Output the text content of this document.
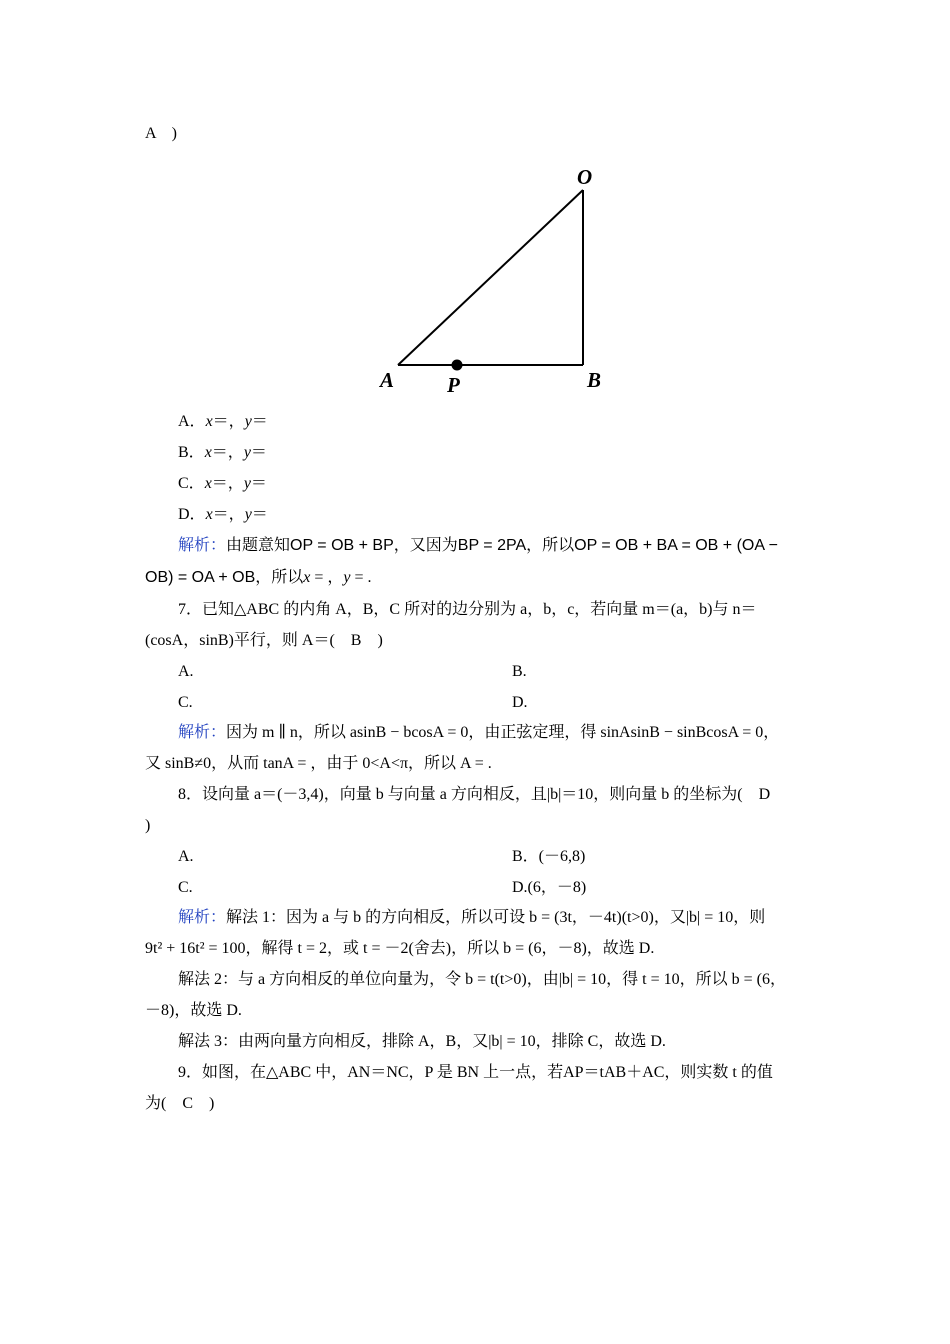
A　)
O
A	P	B
A．x＝，y＝
B．x＝，y＝
C．x＝，y＝
D．x＝，y＝
解析：由题意知OP = OB + BP，又因为BP = 2PA，所以OP = OB + BA = OB + (OA −
OB) = OA + OB，所以x = ，y = .
7．已知△ABC 的内角 A，B，C 所对的边分别为 a，b，c，若向量 m＝(a，b)与 n＝
(cosA，sinB)平行，则 A＝(　B　)
A.	B.
C.	D.
解析：因为 m ∥ n，所以 asinB − bcosA = 0，由正弦定理，得 sinAsinB − sinBcosA = 0，
又 sinB≠0，从而 tanA = ，由于 0<A<π，所以 A = .
8．设向量 a＝(－3,4)，向量 b 与向量 a 方向相反，且|b|＝10，则向量 b 的坐标为(　D
)
A.	B．(－6,8)
C.	D.(6，－8)
解析：解法 1：因为 a 与 b 的方向相反，所以可设 b = (3t，－4t)(t>0)，又|b| = 10，则
9t² + 16t² = 100，解得 t = 2，或 t = －2(舍去)，所以 b = (6，－8)，故选 D.
解法 2：与 a 方向相反的单位向量为，令 b = t(t>0)，由|b| = 10，得 t = 10，所以 b = (6，
－8)，故选 D.
解法 3：由两向量方向相反，排除 A，B，又|b| = 10，排除 C，故选 D.
9．如图，在△ABC 中，AN＝NC，P 是 BN 上一点，若AP＝tAB＋AC，则实数 t 的值
为(　C　)
